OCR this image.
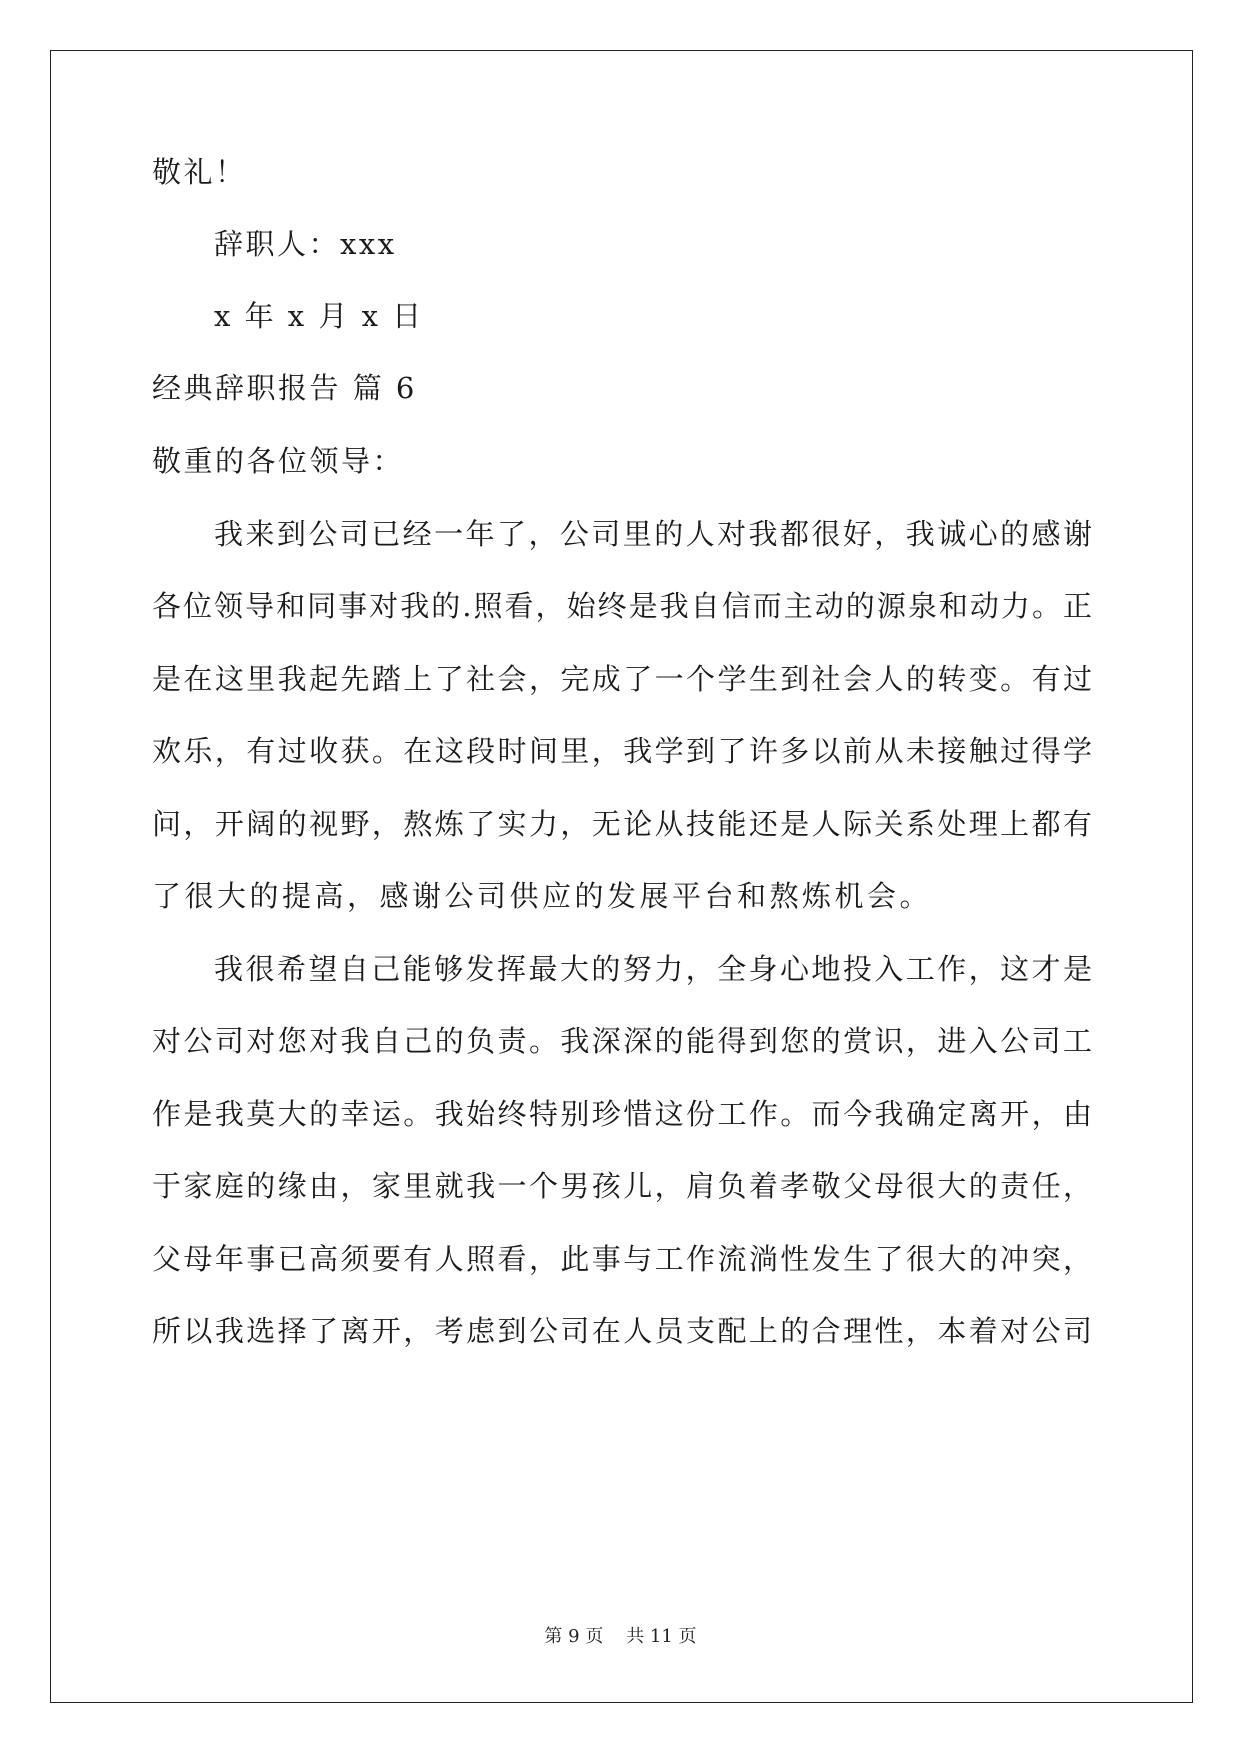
敬礼！
辞职人：xxx
x 年 x 月 x 日
经典辞职报告 篇 6
敬重的各位领导：
我来到公司已经一年了，公司里的人对我都很好，我诚心的感谢
各位领导和同事对我的.照看，始终是我自信而主动的源泉和动力。正
是在这里我起先踏上了社会，完成了一个学生到社会人的转变。有过
欢乐，有过收获。在这段时间里，我学到了许多以前从未接触过得学
问，开阔的视野，熬炼了实力，无论从技能还是人际关系处理上都有
了很大的提高，感谢公司供应的发展平台和熬炼机会。
我很希望自己能够发挥最大的努力，全身心地投入工作，这才是
对公司对您对我自己的负责。我深深的能得到您的赏识，进入公司工
作是我莫大的幸运。我始终特别珍惜这份工作。而今我确定离开，由
于家庭的缘由，家里就我一个男孩儿，肩负着孝敬父母很大的责任，
父母年事已高须要有人照看，此事与工作流淌性发生了很大的冲突，
所以我选择了离开，考虑到公司在人员支配上的合理性，本着对公司
第 9 页    共 11 页
